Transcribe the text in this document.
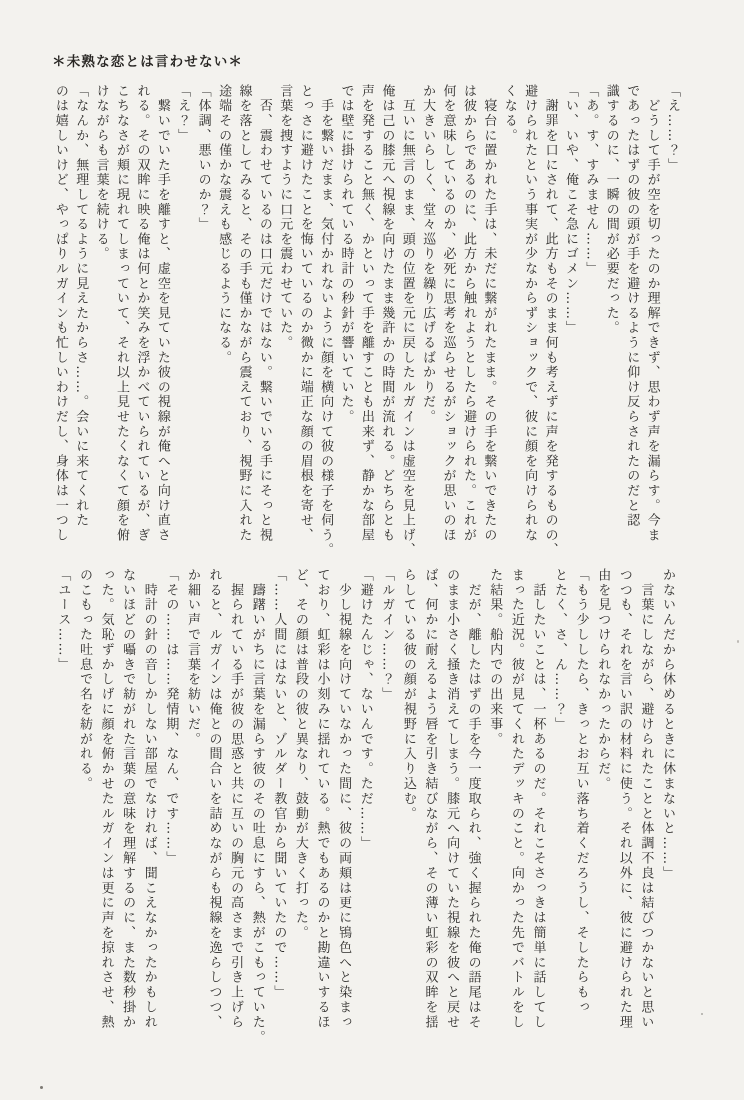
＊未熟な恋とは言わせない＊
「え……？」
　どうして手が空を切ったのか理解できず、思わず声を漏らす。今ま
であったはずの彼の頭が手を避けるように仰け反らされたのだと認
識するのに、一瞬の間が必要だった。
「あ。す、すみません……」
「い、いや、俺こそ急にゴメン……」
　謝罪を口にされて、此方もそのまま何も考えずに声を発するものの、
避けられたという事実が少なからずショックで、彼に顔を向けられな
くなる。
　寝台に置かれた手は、未だに繋がれたまま。その手を繋いできたの
は彼からであるのに、此方から触れようとしたら避けられた。これが
何を意味しているのか、必死に思考を巡らせるがショックが思いのほ
か大きいらしく、堂々巡りを繰り広げるばかりだ。
　互いに無言のまま、頭の位置を元に戻したルガインは虚空を見上げ、
俺は己の膝元へ視線を向けたまま幾許かの時間が流れる。どちらとも
声を発すること無く、かといって手を離すことも出来ず、静かな部屋
では壁に掛けられている時計の秒針が響いていた。
　手を繋いだまま、気付かれないように顔を横向けて彼の様子を伺う。
とっさに避けたことを悔いているのか微かに端正な顔の眉根を寄せ、
言葉を捜すように口元を震わせていた。
　否、震わせているのは口元だけではない。繋いでいる手にそっと視
線を落としてみると、その手も僅かながら震えており、視野に入れた
途端その僅かな震えも感じるようになる。
「体調、悪いのか？」
「え？」
　繋いでいた手を離すと、虚空を見ていた彼の視線が俺へと向け直さ
れる。その双眸に映る俺は何とか笑みを浮かべていられているが、ぎ
こちなさが頬に現れてしまっていて、それ以上見せたくなくて顔を俯
けながらも言葉を続ける。
「なんか、無理してるように見えたからさ……。会いに来てくれた
のは嬉しいけど、やっぱりルガインも忙しいわけだし、身体は一つし
かないんだから休めるときに休まないと……」
　言葉にしながら、避けられたことと体調不良は結びつかないと思い
つつも、それを言い訳の材料に使う。それ以外に、彼に避けられた理
由を見つけられなかったからだ。
「もう少ししたら、きっとお互い落ち着くだろうし、そしたらもっ
とたく、さ、ん……？」
　話したいことは、一杯あるのだ。それこそさっきは簡単に話してし
まった近況。彼が見てくれたデッキのこと。向かった先でバトルをし
た結果。船内での出来事。
　だが、離したはずの手を今一度取られ、強く握られた俺の語尾はそ
のまま小さく掻き消えてしまう。膝元へ向けていた視線を彼へと戻せ
ば、何かに耐えるよう唇を引き結びながら、その薄い虹彩の双眸を揺
らしている彼の顔が視野に入り込む。
「ルガイン……？」
「避けたんじゃ、ないんです。ただ……」
　少し視線を向けていなかった間に、彼の両頬は更に鴇色へと染まっ
ており、虹彩は小刻みに揺れている。熱でもあるのかと勘違いするほ
ど、その顔は普段の彼と異なり、鼓動が大きく打った。
「……人間にはないと、ゾルダー教官から聞いていたので……」
　躊躇いがちに言葉を漏らす彼のその吐息にすら、熱がこもっていた。
　握られている手が彼の思惑と共に互いの胸元の高さまで引き上げら
れると、ルガインは俺との間合いを詰めながらも視線を逸らしつつ、
か細い声で言葉を紡いだ。
「その……は……発情期、なん、です……」
　時計の針の音しかしない部屋でなければ、聞こえなかったかもしれ
ないほどの囁きで紡がれた言葉の意味を理解するのに、また数秒掛か
った。気恥ずかしげに顔を俯かせたルガインは更に声を掠れさせ、熱
のこもった吐息で名を紡がれる。
「ユース……」
